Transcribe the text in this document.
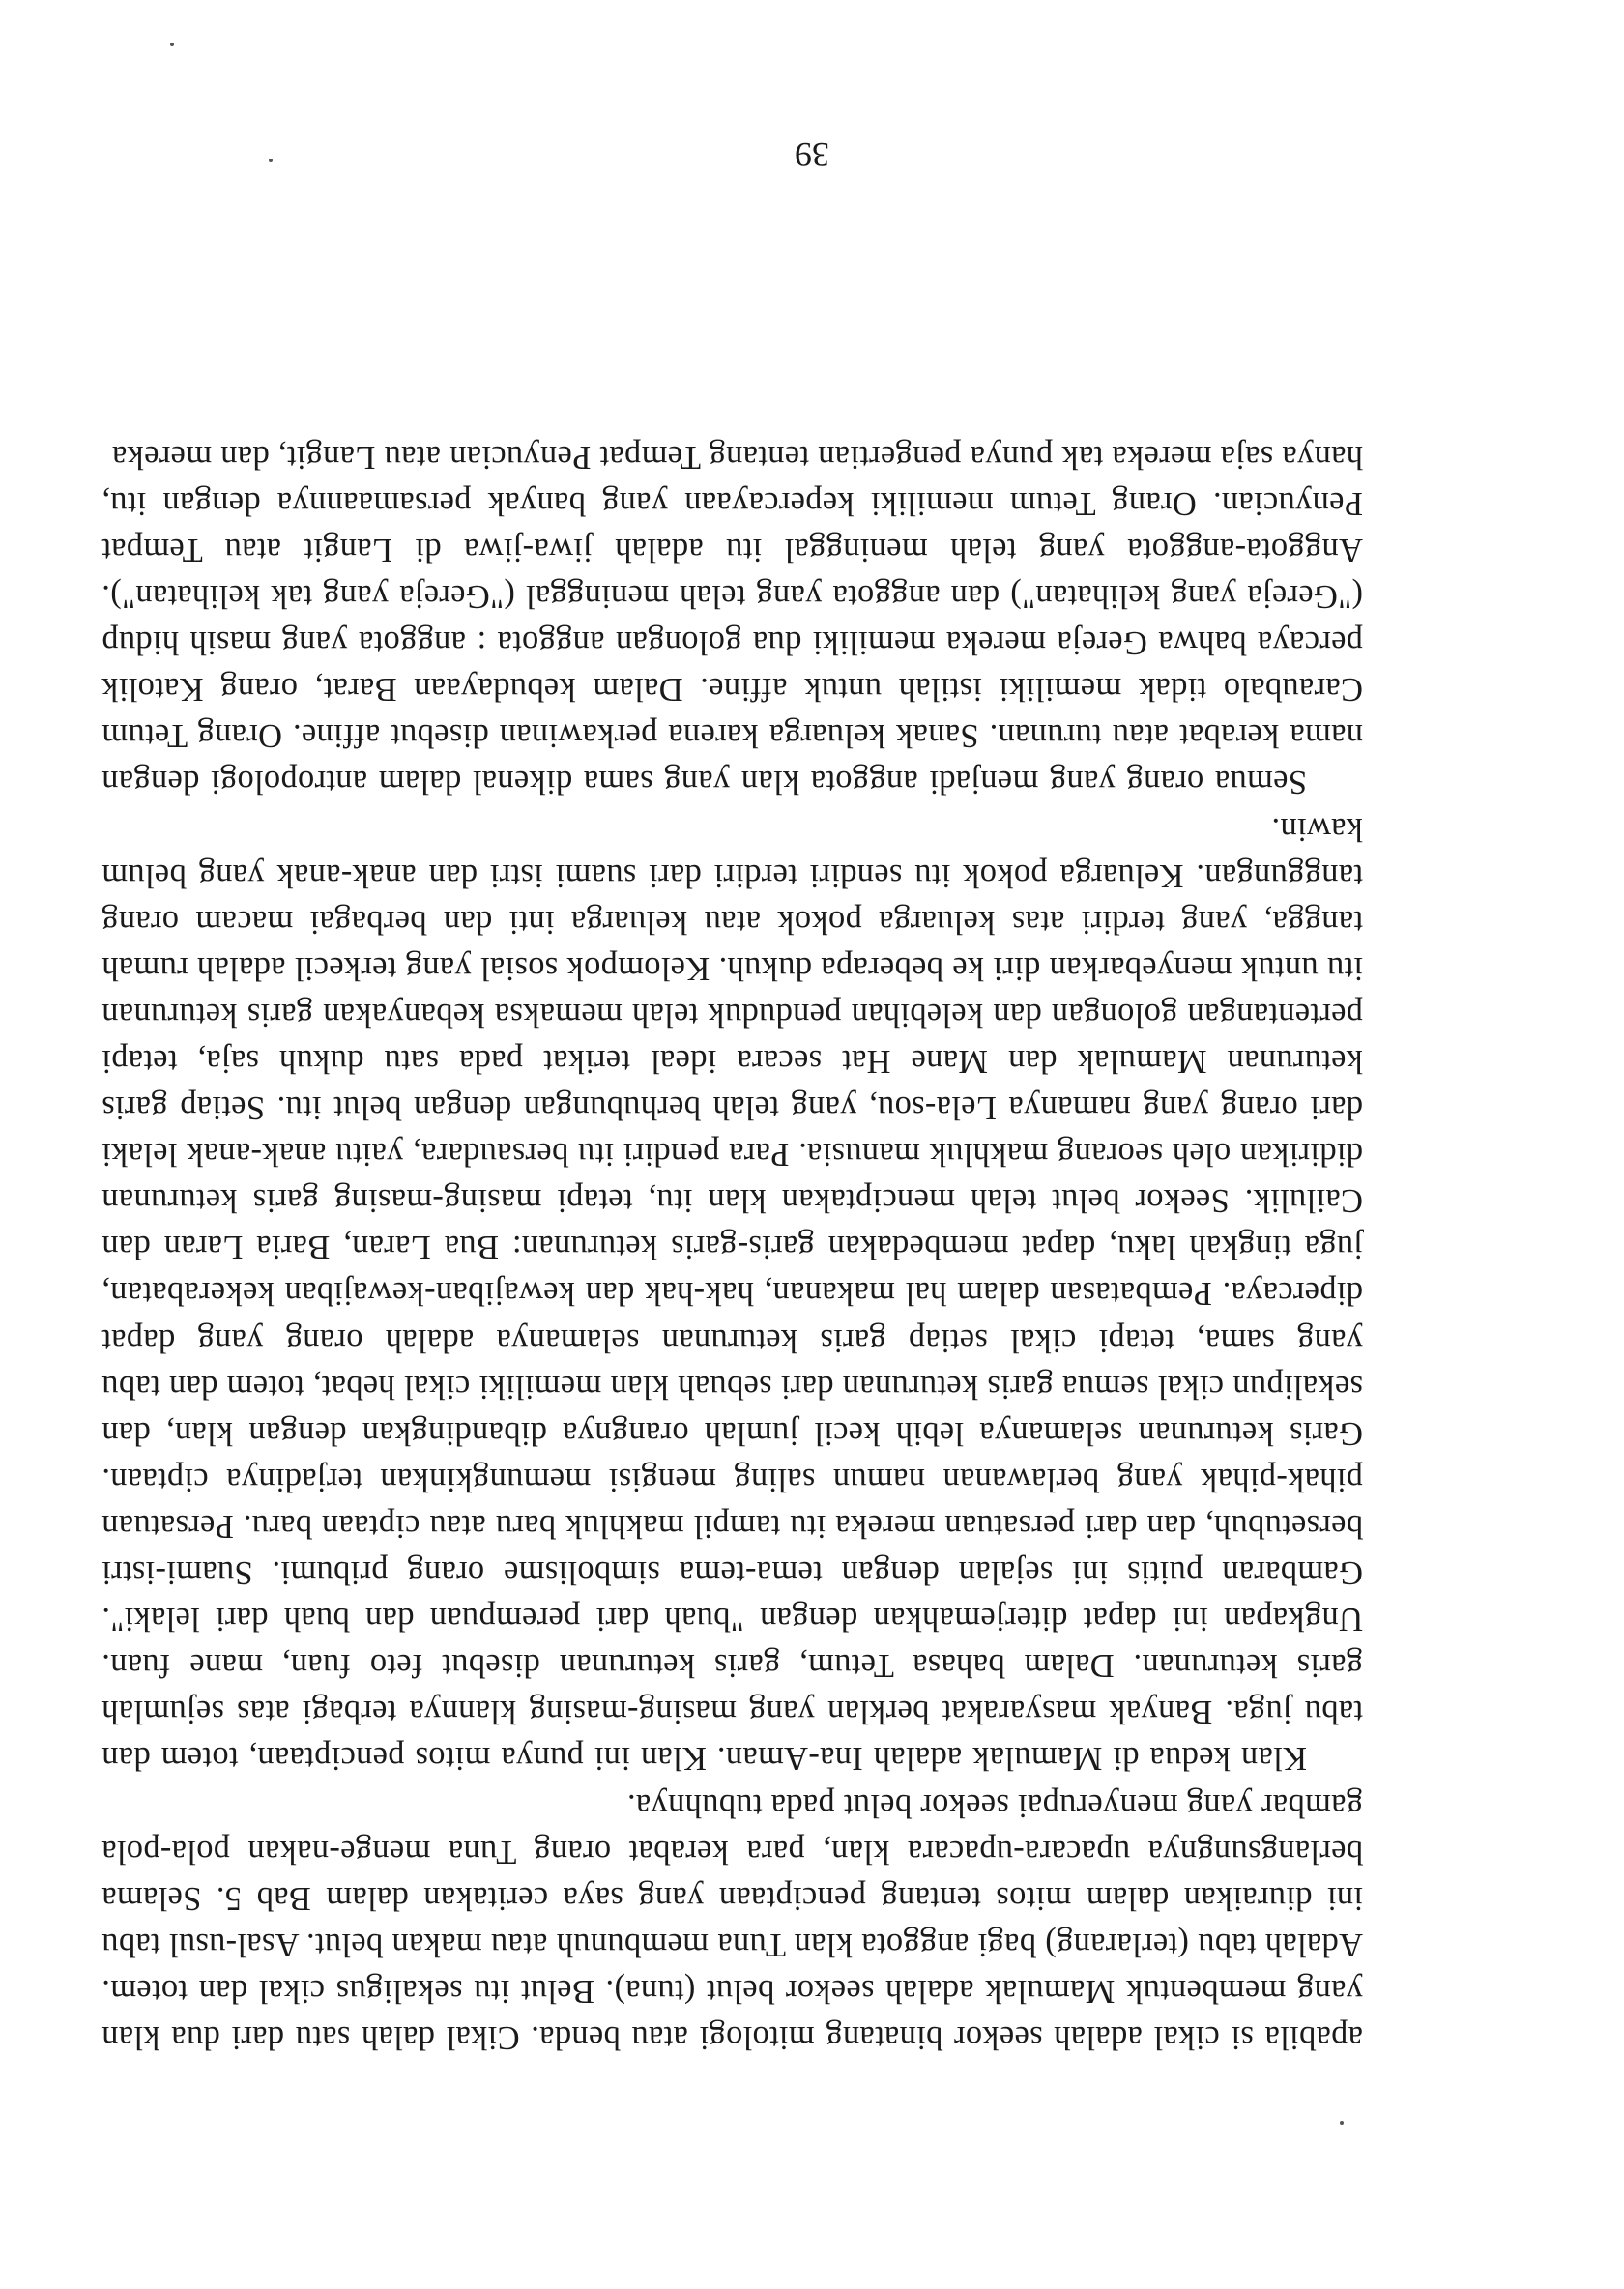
apabila si cikal adalah seekor binatang mitologi atau benda. Cikal dalah satu dari dua klan yang membentuk Mamulak adalah seekor belut (tuna). Belut itu sekaligus cikal dan totem. Adalah tabu (terlarang) bagi anggota klan Tuna membunuh atau makan belut. Asal-usul tabu ini diuraikan dalam mitos tentang penciptaan yang saya ceritakan dalam Bab 5. Selama berlangsungnya upacara-upacara klan, para kerabat orang Tuna menge-nakan pola-pola gambar yang menyerupai seekor belut pada tubuhnya.

Klan kedua di Mamulak adalah Ina-Aman. Klan ini punya mitos penciptaan, totem dan tabu juga. Banyak masyarakat berklan yang masing-masing klannya terbagi atas sejumlah garis keturunan. Dalam bahasa Tetum, garis keturunan disebut feto fuan, mane fuan. Ungkapan ini dapat diterjemahkan dengan "buah dari perempuan dan buah dari lelaki". Gambaran puitis ini sejalan dengan tema-tema simbolisme orang pribumi. Suami-istri bersetubuh, dan dari persatuan mereka itu tampil makhluk baru atau ciptaan baru. Persatuan pihak-pihak yang berlawanan namun saling mengisi memungkinkan terjadinya ciptaan. Garis keturunan selamanya lebih kecil jumlah orangnya dibandingkan dengan klan, dan sekalipun cikal semua garis keturunan dari sebuah klan memiliki cikal hebat, totem dan tabu yang sama, tetapi cikal setiap garis keturunan selamanya adalah orang yang dapat dipercaya. Pembatasan dalam hal makanan, hak-hak dan kewajiban-kewajiban kekerabatan, juga tingkah laku, dapat membedakan garis-garis keturunan: Bua Laran, Baria Laran dan Cailulik. Seekor belut telah menciptakan klan itu, tetapi masing-masing garis keturunan didirikan oleh seorang makhluk manusia. Para pendiri itu bersaudara, yaitu anak-anak lelaki dari orang yang namanya Lela-sou, yang telah berhubungan dengan belut itu. Setiap garis keturunan Mamulak dan Mane Hat secara ideal terikat pada satu dukuh saja, tetapi pertentangan golongan dan kelebihan penduduk telah memaksa kebanyakan garis keturunan itu untuk menyebarkan diri ke beberapa dukuh. Kelompok sosial yang terkecil adalah rumah tangga, yang terdiri atas keluarga pokok atau keluarga inti dan berbagai macam orang tanggungan. Keluarga pokok itu sendiri terdiri dari suami istri dan anak-anak yang belum kawin.

Semua orang yang menjadi anggota klan yang sama dikenal dalam antropologi dengan nama kerabat atau turunan. Sanak keluarga karena perkawinan disebut affine. Orang Tetum Caraubalo tidak memiliki istilah untuk affine. Dalam kebudayaan Barat, orang Katolik percaya bahwa Gereja mereka memiliki dua golongan anggota : anggota yang masih hidup ("Gereja yang kelihatan") dan anggota yang telah meninggal ("Gereja yang tak kelihatan"). Anggota-anggota yang telah meninggal itu adalah jiwa-jiwa di Langit atau Tempat Penyucian. Orang Tetum memiliki kepercayaan yang banyak persamaannya dengan itu, hanya saja mereka tak punya pengertian tentang Tempat Penyucian atau Langit, dan mereka

39
